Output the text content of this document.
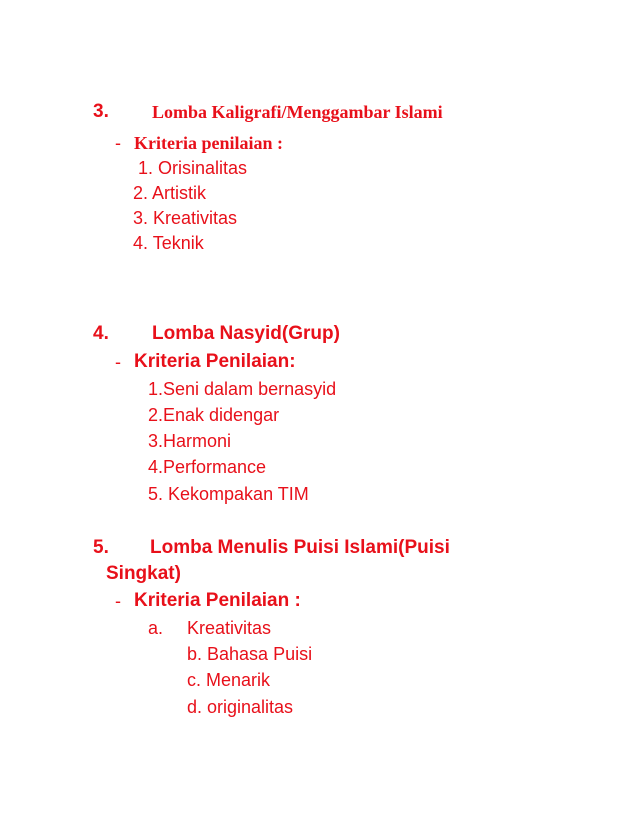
3. Lomba Kaligrafi/Menggambar Islami
- Kriteria penilaian :
1. Orisinalitas
2. Artistik
3. Kreativitas
4. Teknik
4. Lomba Nasyid(Grup)
- Kriteria Penilaian:
1.Seni dalam bernasyid
2.Enak didengar
3.Harmoni
4.Performance
5. Kekompakan TIM
5. Lomba Menulis Puisi Islami(Puisi
Singkat)
- Kriteria Penilaian :
a. Kreativitas
b. Bahasa Puisi
c. Menarik
d. originalitas
